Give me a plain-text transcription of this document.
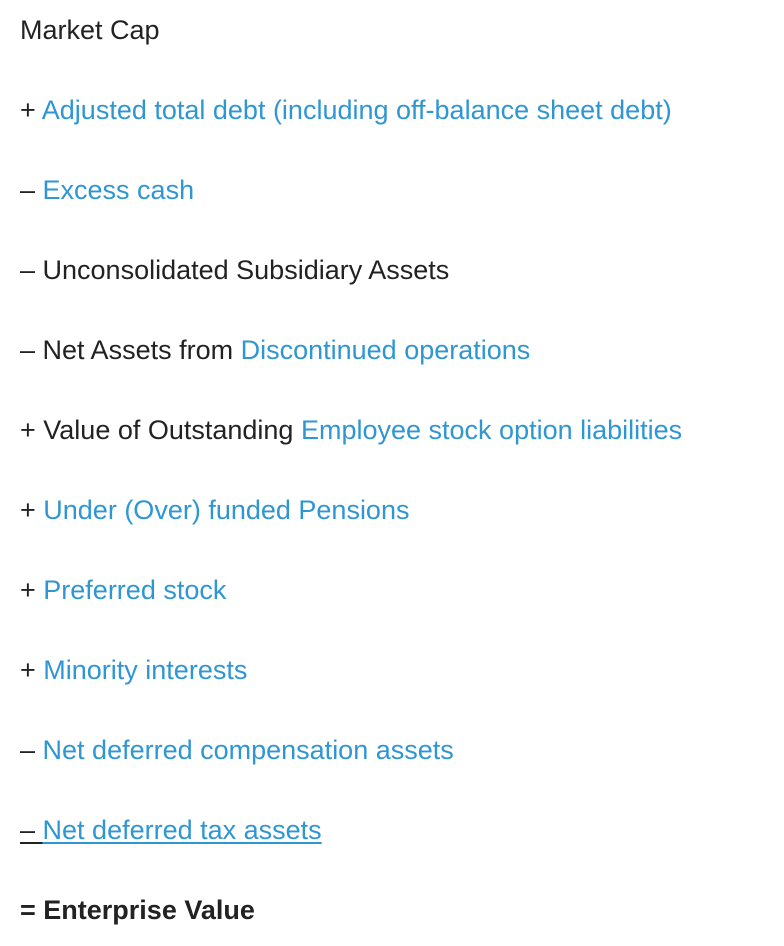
Market Cap
+ Adjusted total debt (including off-balance sheet debt)
– Excess cash
– Unconsolidated Subsidiary Assets
– Net Assets from Discontinued operations
+ Value of Outstanding Employee stock option liabilities
+ Under (Over) funded Pensions
+ Preferred stock
+ Minority interests
– Net deferred compensation assets
– Net deferred tax assets
= Enterprise Value
